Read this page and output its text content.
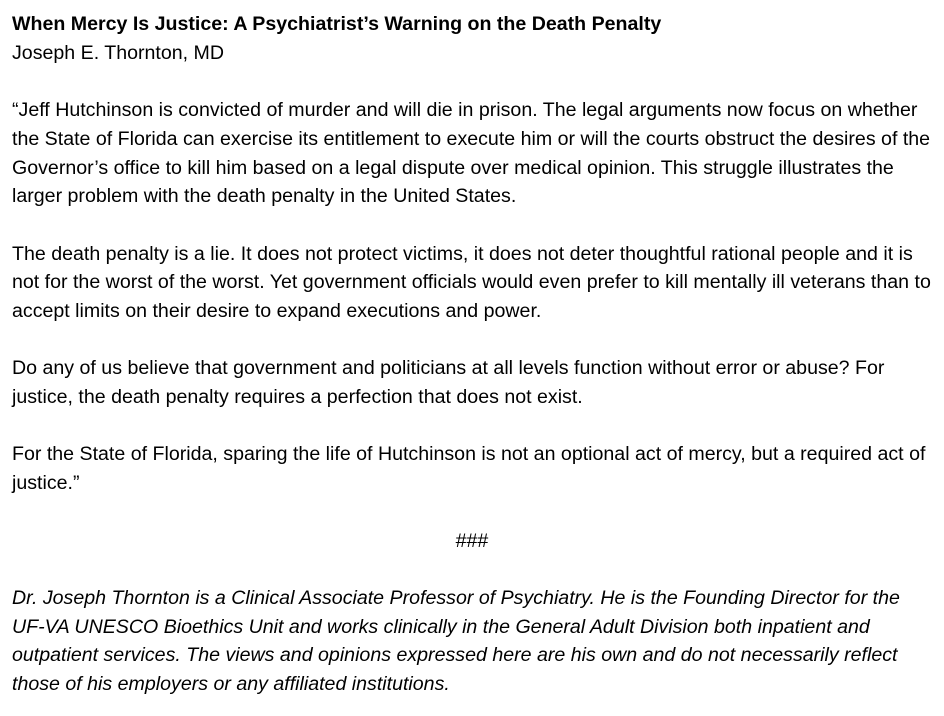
When Mercy Is Justice: A Psychiatrist’s Warning on the Death Penalty

Joseph E. Thornton, MD

“Jeff Hutchinson is convicted of murder and will die in prison. The legal arguments now focus on whether the State of Florida can exercise its entitlement to execute him or will the courts obstruct the desires of the Governor’s office to kill him based on a legal dispute over medical opinion. This struggle illustrates the larger problem with the death penalty in the United States.

The death penalty is a lie. It does not protect victims, it does not deter thoughtful rational people and it is not for the worst of the worst. Yet government officials would even prefer to kill mentally ill veterans than to accept limits on their desire to expand executions and power.

Do any of us believe that government and politicians at all levels function without error or abuse? For justice, the death penalty requires a perfection that does not exist.

For the State of Florida, sparing the life of Hutchinson is not an optional act of mercy, but a required act of justice.”

###

Dr. Joseph Thornton is a Clinical Associate Professor of Psychiatry. He is the Founding Director for the UF-VA UNESCO Bioethics Unit and works clinically in the General Adult Division both inpatient and outpatient services. The views and opinions expressed here are his own and do not necessarily reflect those of his employers or any affiliated institutions.
